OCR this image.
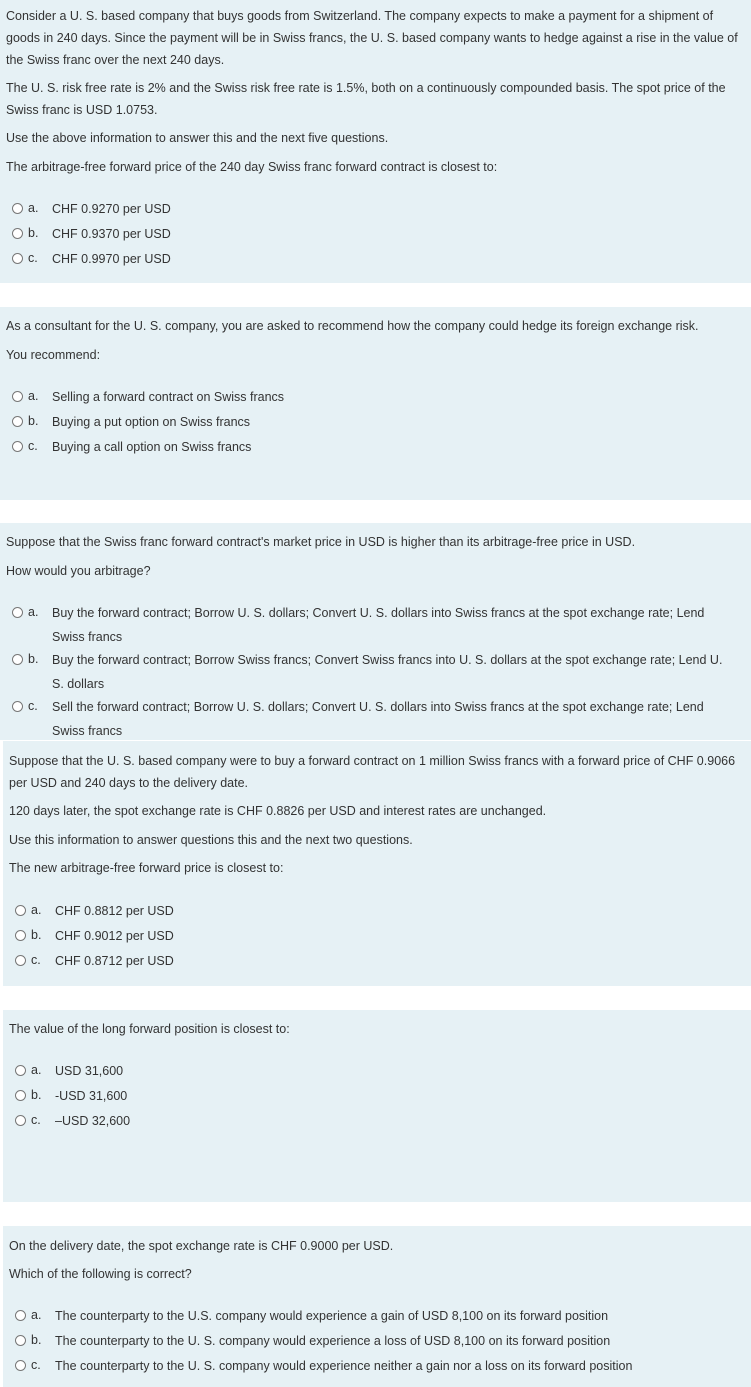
Consider a U. S. based company that buys goods from Switzerland. The company expects to make a payment for a shipment of goods in 240 days. Since the payment will be in Swiss francs, the U. S. based company wants to hedge against a rise in the value of the Swiss franc over the next 240 days.

The U. S. risk free rate is 2% and the Swiss risk free rate is 1.5%, both on a continuously compounded basis. The spot price of the Swiss franc is USD 1.0753.

Use the above information to answer this and the next five questions.

The arbitrage-free forward price of the 240 day Swiss franc forward contract is closest to:

a. CHF 0.9270 per USD
b. CHF 0.9370 per USD
c. CHF 0.9970 per USD

As a consultant for the U. S. company, you are asked to recommend how the company could hedge its foreign exchange risk.

You recommend:

a. Selling a forward contract on Swiss francs
b. Buying a put option on Swiss francs
c. Buying a call option on Swiss francs

Suppose that the Swiss franc forward contract's market price in USD is higher than its arbitrage-free price in USD.

How would you arbitrage?

a. Buy the forward contract; Borrow U. S. dollars; Convert U. S. dollars into Swiss francs at the spot exchange rate; Lend Swiss francs
b. Buy the forward contract; Borrow Swiss francs; Convert Swiss francs into U. S. dollars at the spot exchange rate; Lend U. S. dollars
c. Sell the forward contract; Borrow U. S. dollars; Convert U. S. dollars into Swiss francs at the spot exchange rate; Lend Swiss francs

Suppose that the U. S. based company were to buy a forward contract on 1 million Swiss francs with a forward price of CHF 0.9066 per USD and 240 days to the delivery date.

120 days later, the spot exchange rate is CHF 0.8826 per USD and interest rates are unchanged.

Use this information to answer questions this and the next two questions.

The new arbitrage-free forward price is closest to:

a. CHF 0.8812 per USD
b. CHF 0.9012 per USD
c. CHF 0.8712 per USD

The value of the long forward position is closest to:

a. USD 31,600
b. -USD 31,600
c. –USD 32,600

On the delivery date, the spot exchange rate is CHF 0.9000 per USD.

Which of the following is correct?

a. The counterparty to the U.S. company would experience a gain of USD 8,100 on its forward position
b. The counterparty to the U. S. company would experience a loss of USD 8,100 on its forward position
c. The counterparty to the U. S. company would experience neither a gain nor a loss on its forward position
